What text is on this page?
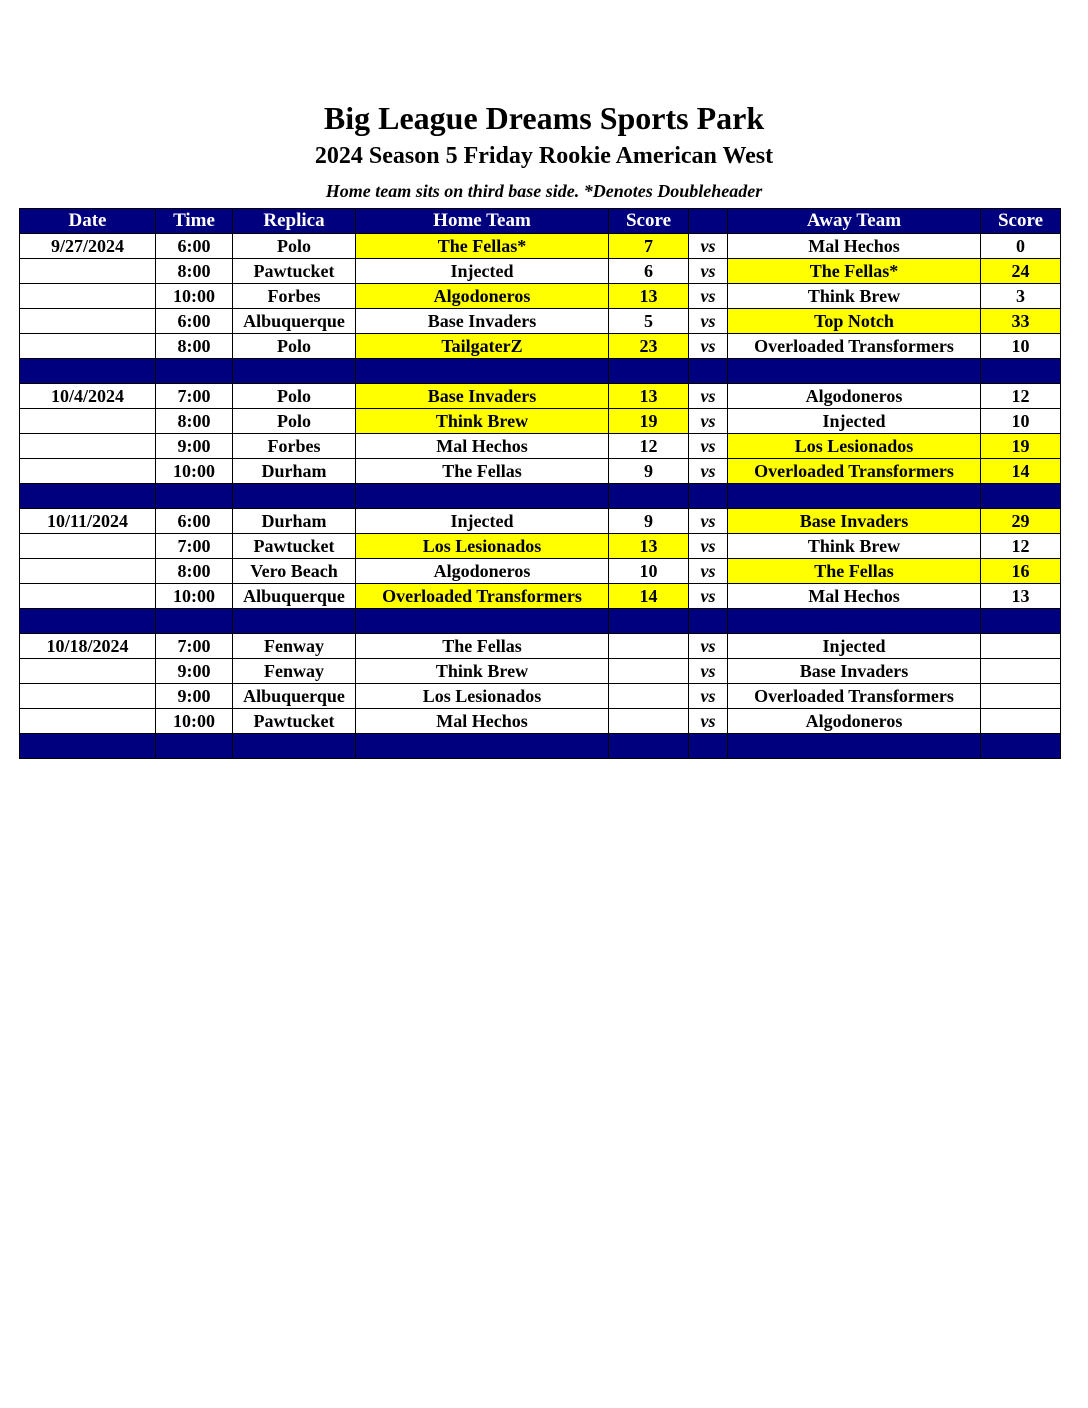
Big League Dreams Sports Park
2024 Season 5 Friday Rookie American West
Home team sits on third base side. *Denotes Doubleheader
Date	Time	Replica	Home Team	Score		Away Team	Score
9/27/2024	6:00	Polo	The Fellas*	7	vs	Mal Hechos	0
	8:00	Pawtucket	Injected	6	vs	The Fellas*	24
	10:00	Forbes	Algodoneros	13	vs	Think Brew	3
	6:00	Albuquerque	Base Invaders	5	vs	Top Notch	33
	8:00	Polo	TailgaterZ	23	vs	Overloaded Transformers	10

10/4/2024	7:00	Polo	Base Invaders	13	vs	Algodoneros	12
	8:00	Polo	Think Brew	19	vs	Injected	10
	9:00	Forbes	Mal Hechos	12	vs	Los Lesionados	19
	10:00	Durham	The Fellas	9	vs	Overloaded Transformers	14

10/11/2024	6:00	Durham	Injected	9	vs	Base Invaders	29
	7:00	Pawtucket	Los Lesionados	13	vs	Think Brew	12
	8:00	Vero Beach	Algodoneros	10	vs	The Fellas	16
	10:00	Albuquerque	Overloaded Transformers	14	vs	Mal Hechos	13

10/18/2024	7:00	Fenway	The Fellas		vs	Injected	
	9:00	Fenway	Think Brew		vs	Base Invaders	
	9:00	Albuquerque	Los Lesionados		vs	Overloaded Transformers	
	10:00	Pawtucket	Mal Hechos		vs	Algodoneros	
